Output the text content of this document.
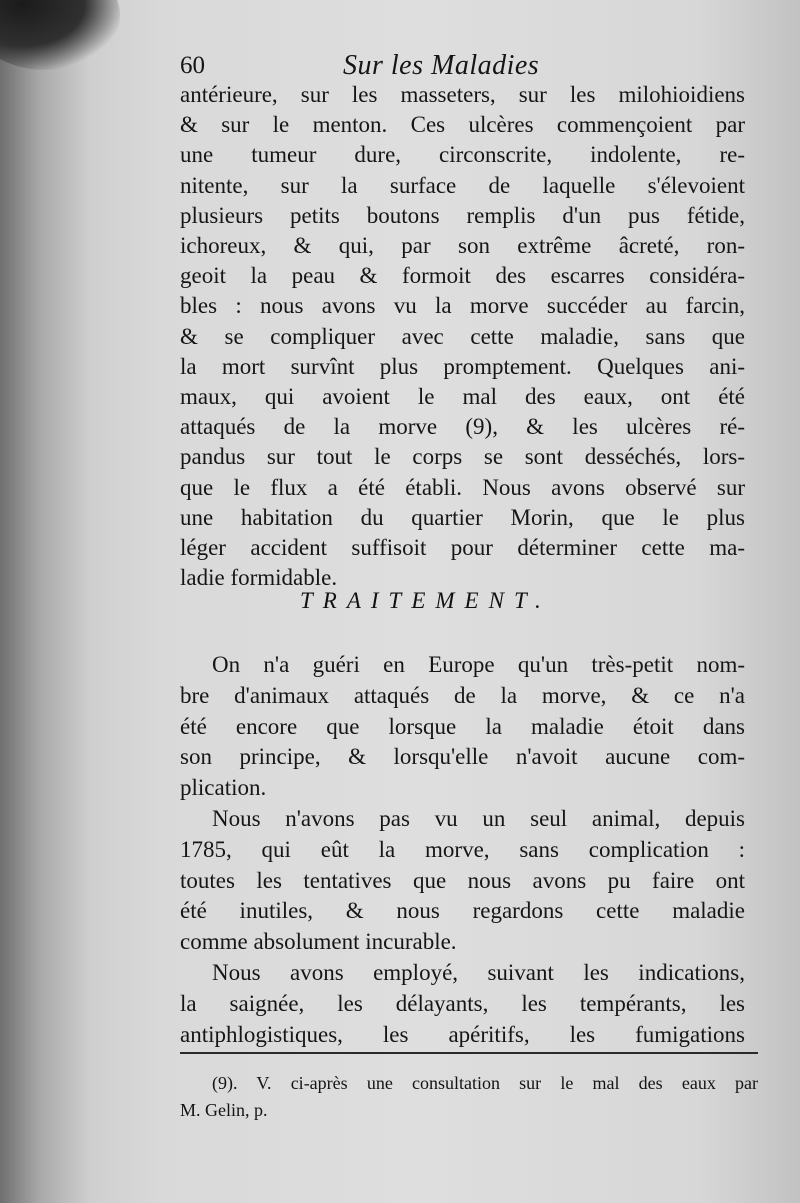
60	Sur les Maladies
antérieure, sur les masseters, sur les milohioidiens
& sur le menton. Ces ulcères commençoient par
une tumeur dure, circonscrite, indolente, re-
nitente, sur la surface de laquelle s'élevoient
plusieurs petits boutons remplis d'un pus fétide,
ichoreux, & qui, par son extrême âcreté, ron-
geoit la peau & formoit des escarres considéra-
bles : nous avons vu la morve succéder au farcin,
& se compliquer avec cette maladie, sans que
la mort survînt plus promptement. Quelques ani-
maux, qui avoient le mal des eaux, ont été
attaqués de la morve (9), & les ulcères ré-
pandus sur tout le corps se sont desséchés, lors-
que le flux a été établi. Nous avons observé sur
une habitation du quartier Morin, que le plus
léger accident suffisoit pour déterminer cette ma-
ladie formidable.
TRAITEMENT.
On n'a guéri en Europe qu'un très-petit nom-
bre d'animaux attaqués de la morve, & ce n'a
été encore que lorsque la maladie étoit dans
son principe, & lorsqu'elle n'avoit aucune com-
plication.
Nous n'avons pas vu un seul animal, depuis
1785, qui eût la morve, sans complication :
toutes les tentatives que nous avons pu faire ont
été inutiles, & nous regardons cette maladie
comme absolument incurable.
Nous avons employé, suivant les indications,
la saignée, les délayants, les tempérants, les
antiphlogistiques, les apéritifs, les fumigations
(9). V. ci-après une consultation sur le mal des eaux par
M. Gelin, p.
